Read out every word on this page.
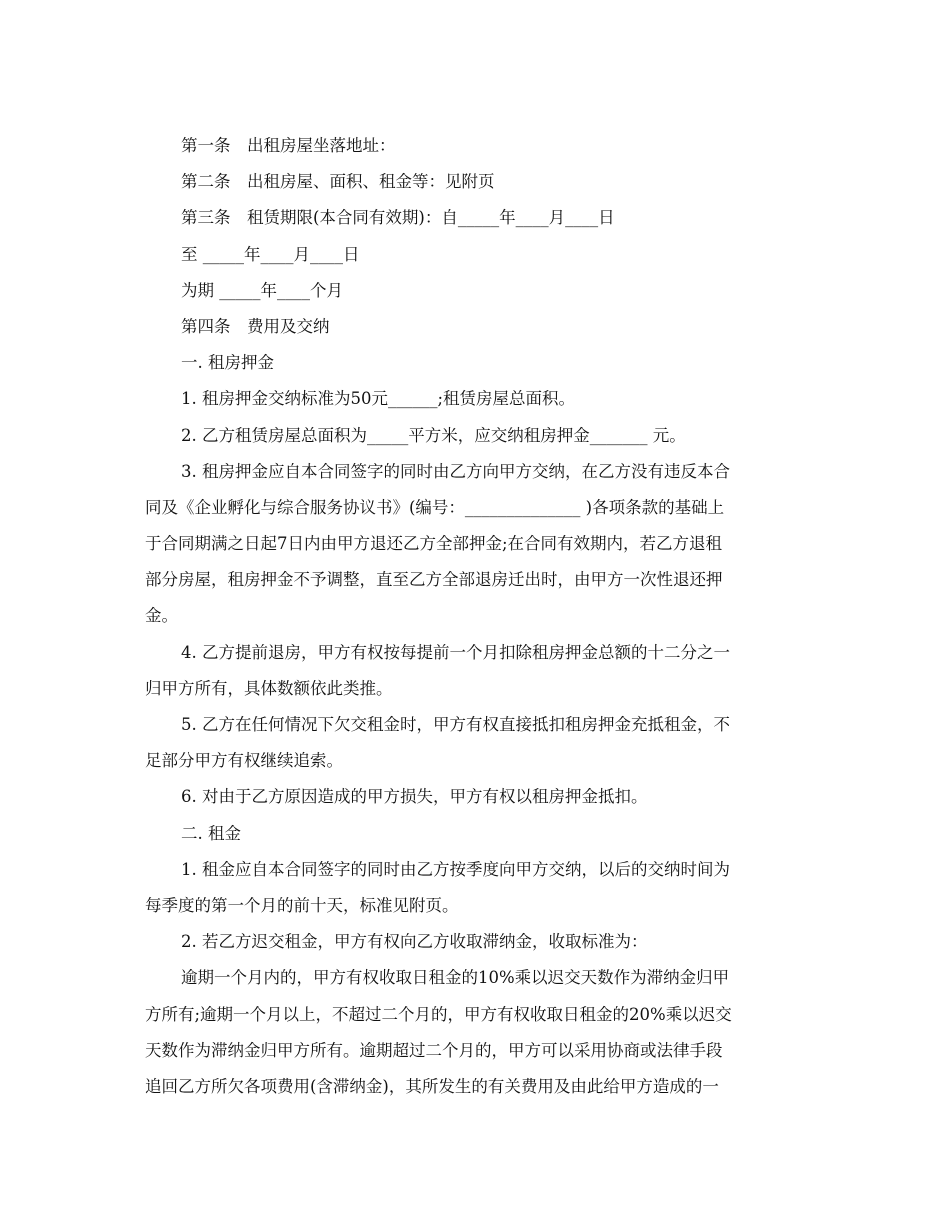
第一条　出租房屋坐落地址：
第二条　出租房屋、面积、租金等：见附页
第三条　租赁期限(本合同有效期)：自_____年____月____日
至 _____年____月____日
为期 _____年____个月
第四条　费用及交纳
一. 租房押金
1. 租房押金交纳标准为50元______;租赁房屋总面积。
2. 乙方租赁房屋总面积为_____平方米，应交纳租房押金_______ 元。
3. 租房押金应自本合同签字的同时由乙方向甲方交纳，在乙方没有违反本合
同及《企业孵化与综合服务协议书》(编号：______________ )各项条款的基础上
于合同期满之日起7日内由甲方退还乙方全部押金;在合同有效期内，若乙方退租
部分房屋，租房押金不予调整，直至乙方全部退房迁出时，由甲方一次性退还押
金。
4. 乙方提前退房，甲方有权按每提前一个月扣除租房押金总额的十二分之一
归甲方所有，具体数额依此类推。
5. 乙方在任何情况下欠交租金时，甲方有权直接抵扣租房押金充抵租金，不
足部分甲方有权继续追索。
6. 对由于乙方原因造成的甲方损失，甲方有权以租房押金抵扣。
二. 租金
1. 租金应自本合同签字的同时由乙方按季度向甲方交纳，以后的交纳时间为
每季度的第一个月的前十天，标准见附页。
2. 若乙方迟交租金，甲方有权向乙方收取滞纳金，收取标准为：
逾期一个月内的，甲方有权收取日租金的10%乘以迟交天数作为滞纳金归甲
方所有;逾期一个月以上，不超过二个月的，甲方有权收取日租金的20%乘以迟交
天数作为滞纳金归甲方所有。逾期超过二个月的，甲方可以采用协商或法律手段
追回乙方所欠各项费用(含滞纳金)，其所发生的有关费用及由此给甲方造成的一
